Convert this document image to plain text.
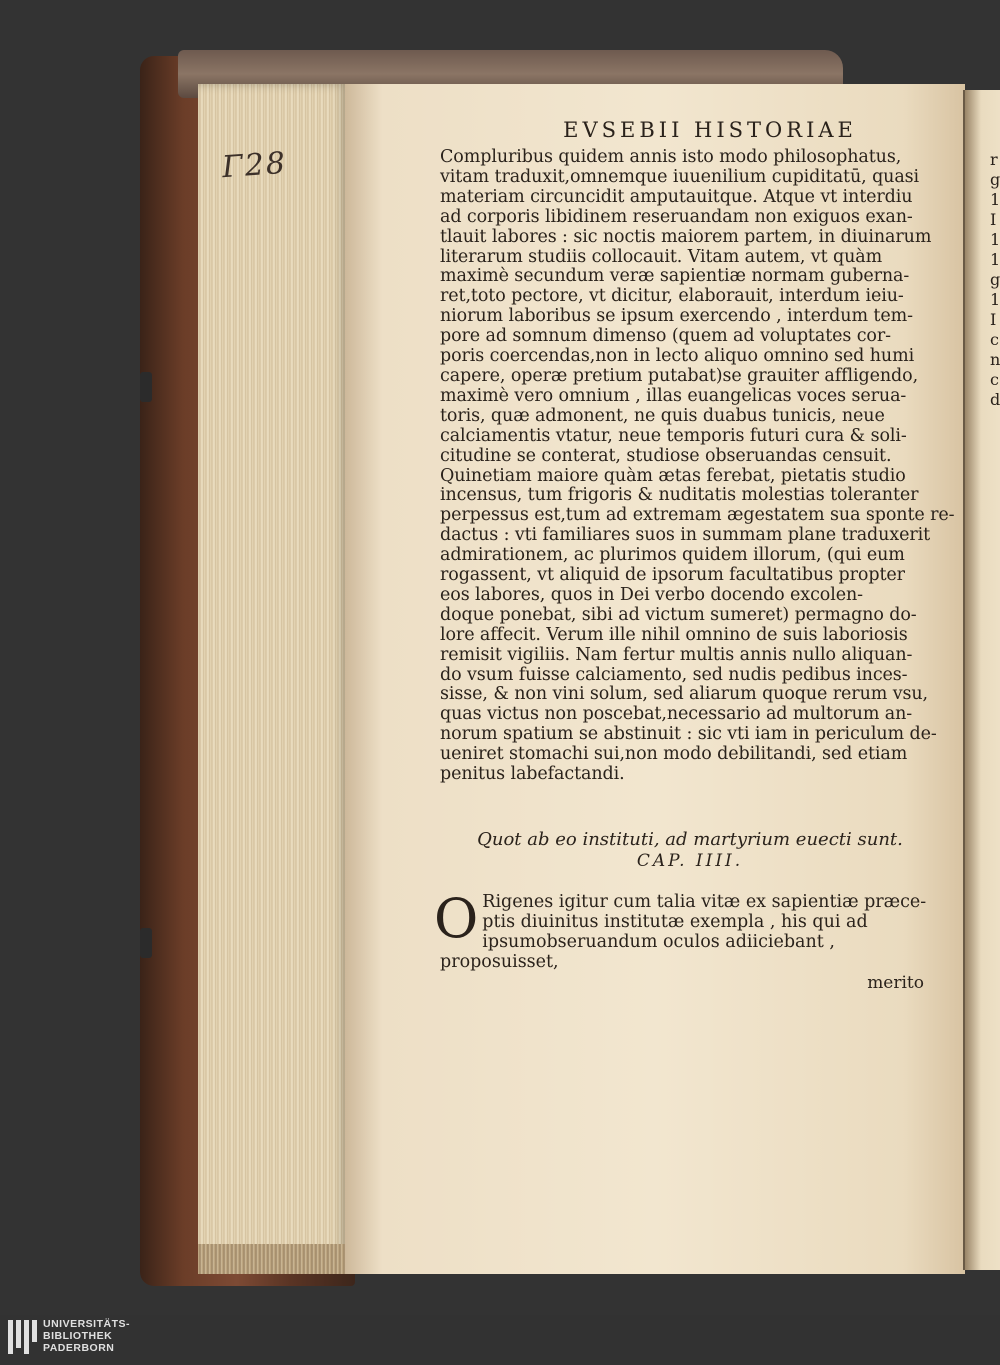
Γ28	r
g
1
I
1
1
g
1
I
c
n
c
d
EVSEBII HISTORIAE
Compluribus quidem annis isto modo philosophatus,
vitam traduxit,omnemque iuuenilium cupiditatū, quasi
materiam circuncidit amputauitque. Atque vt interdiu
ad corporis libidinem reseruandam non exiguos exan-
tlauit labores : sic noctis maiorem partem, in diuinarum
literarum studiis collocauit. Vitam autem, vt quàm
maximè secundum veræ sapientiæ normam guberna-
ret,toto pectore, vt dicitur, elaborauit, interdum ieiu-
niorum laboribus se ipsum exercendo , interdum tem-
pore ad somnum dimenso (quem ad voluptates cor-
poris coercendas,non in lecto aliquo omnino sed humi
capere, operæ pretium putabat)se grauiter affligendo,
maximè vero omnium , illas euangelicas voces serua-
toris, quæ admonent, ne quis duabus tunicis, neue
calciamentis vtatur, neue temporis futuri cura & soli-
citudine se conterat, studiose obseruandas censuit.
Quinetiam maiore quàm ætas ferebat, pietatis studio
incensus, tum frigoris & nuditatis molestias toleranter
perpessus est,tum ad extremam ægestatem sua sponte re-
dactus : vti familiares suos in summam plane traduxerit
admirationem, ac plurimos quidem illorum, (qui eum
rogassent, vt aliquid de ipsorum facultatibus propter
eos labores, quos in Dei verbo docendo excolen-
doque ponebat, sibi ad victum sumeret) permagno do-
lore affecit. Verum ille nihil omnino de suis laboriosis
remisit vigiliis. Nam fertur multis annis nullo aliquan-
do vsum fuisse calciamento, sed nudis pedibus inces-
sisse, & non vini solum, sed aliarum quoque rerum vsu,
quas victus non poscebat,necessario ad multorum an-
norum spatium se abstinuit : sic vti iam in periculum de-
ueniret stomachi sui,non modo debilitandi, sed etiam
penitus labefactandi.
Quot ab eo instituti, ad martyrium euecti sunt.
CAP. IIII.
O Rigenes igitur cum talia vitæ ex sapientiæ præce-ptis diuinitus institutæ exempla , his qui ad ipsumobseruandum oculos adiiciebant , proposuisset,
merito
UNIVERSITÄTS- BIBLIOTHEK PADERBORN
